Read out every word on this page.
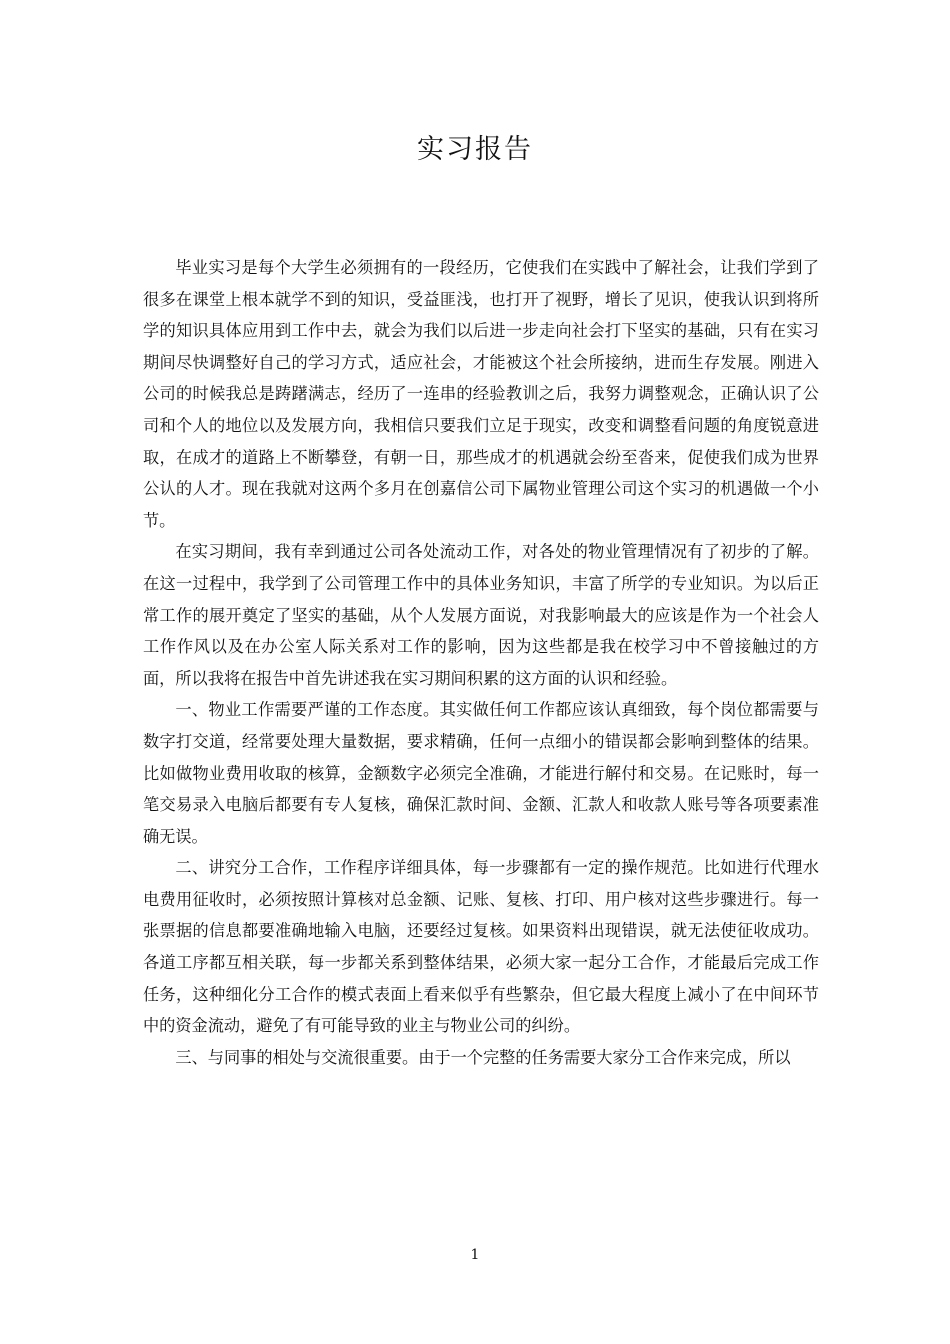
实习报告

毕业实习是每个大学生必须拥有的一段经历，它使我们在实践中了解社会，让我们学到了很多在课堂上根本就学不到的知识，受益匪浅，也打开了视野，增长了见识，使我认识到将所学的知识具体应用到工作中去，就会为我们以后进一步走向社会打下坚实的基础，只有在实习期间尽快调整好自己的学习方式，适应社会，才能被这个社会所接纳，进而生存发展。刚进入公司的时候我总是踌躇满志，经历了一连串的经验教训之后，我努力调整观念，正确认识了公司和个人的地位以及发展方向，我相信只要我们立足于现实，改变和调整看问题的角度锐意进取，在成才的道路上不断攀登，有朝一日，那些成才的机遇就会纷至沓来，促使我们成为世界公认的人才。现在我就对这两个多月在创嘉信公司下属物业管理公司这个实习的机遇做一个小节。

在实习期间，我有幸到通过公司各处流动工作，对各处的物业管理情况有了初步的了解。在这一过程中，我学到了公司管理工作中的具体业务知识，丰富了所学的专业知识。为以后正常工作的展开奠定了坚实的基础，从个人发展方面说，对我影响最大的应该是作为一个社会人工作作风以及在办公室人际关系对工作的影响，因为这些都是我在校学习中不曾接触过的方面，所以我将在报告中首先讲述我在实习期间积累的这方面的认识和经验。

一、物业工作需要严谨的工作态度。其实做任何工作都应该认真细致，每个岗位都需要与数字打交道，经常要处理大量数据，要求精确，任何一点细小的错误都会影响到整体的结果。比如做物业费用收取的核算，金额数字必须完全准确，才能进行解付和交易。在记账时，每一笔交易录入电脑后都要有专人复核，确保汇款时间、金额、汇款人和收款人账号等各项要素准确无误。

二、讲究分工合作，工作程序详细具体，每一步骤都有一定的操作规范。比如进行代理水电费用征收时，必须按照计算核对总金额、记账、复核、打印、用户核对这些步骤进行。每一张票据的信息都要准确地输入电脑，还要经过复核。如果资料出现错误，就无法使征收成功。各道工序都互相关联，每一步都关系到整体结果，必须大家一起分工合作，才能最后完成工作任务，这种细化分工合作的模式表面上看来似乎有些繁杂，但它最大程度上减小了在中间环节中的资金流动，避免了有可能导致的业主与物业公司的纠纷。

三、与同事的相处与交流很重要。由于一个完整的任务需要大家分工合作来完成，所以

1
